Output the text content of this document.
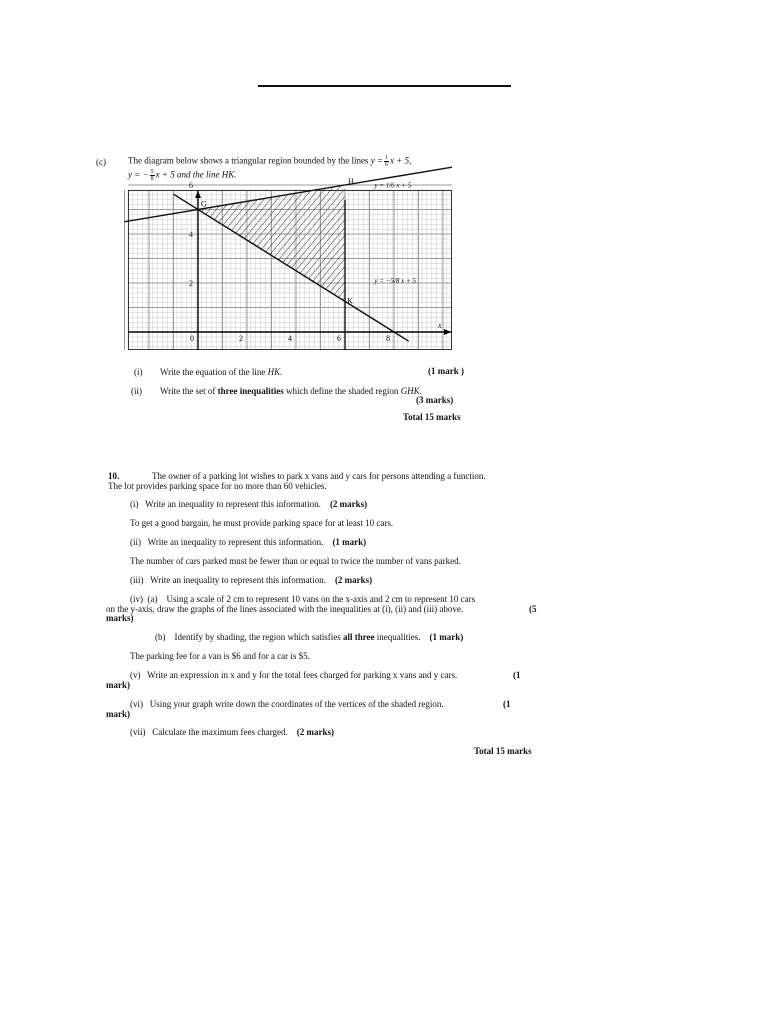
(c) The diagram below shows a triangular region bounded by the lines $y = \frac{1}{6}$ x + 5,
y = − $\frac{5}{8}$ x + 5 and the line HK.
6
4
2
2	4	6	8
0
x
G
H
K
y = 1/6 x + 5
y = −5/8 x + 5
(i) Write the equation of the line HK.	(1 mark )
(ii) Write the set of three inequalities which define the shaded region GHK.
(3 marks)
Total 15 marks
10.	The owner of a parking lot wishes to park x vans and y cars for persons attending a function.
The lot provides parking space for no more than 60 vehicles.
(i) Write an inequality to represent this information. (2 marks)
To get a good bargain, he must provide parking space for at least 10 cars.
(ii) Write an inequality to represent this information. (1 mark)
The number of cars parked must be fewer than or equal to twice the number of vans parked.
(iii) Write an inequality to represent this information. (2 marks)
(iv) (a) Using a scale of 2 cm to represent 10 vans on the x-axis and 2 cm to represent 10 cars
on the y-axis, draw the graphs of the lines associated with the inequalities at (i), (ii) and (iii) above.	(5
marks)
(b) Identify by shading, the region which satisfies all three inequalities. (1 mark)
The parking fee for a van is $6 and for a car is $5.
(v) Write an expression in x and y for the total fees charged for parking x vans and y cars.	(1
mark)
(vi) Using your graph write down the coordinates of the vertices of the shaded region.	(1
mark)
(vii) Calculate the maximum fees charged. (2 marks)
Total 15 marks
